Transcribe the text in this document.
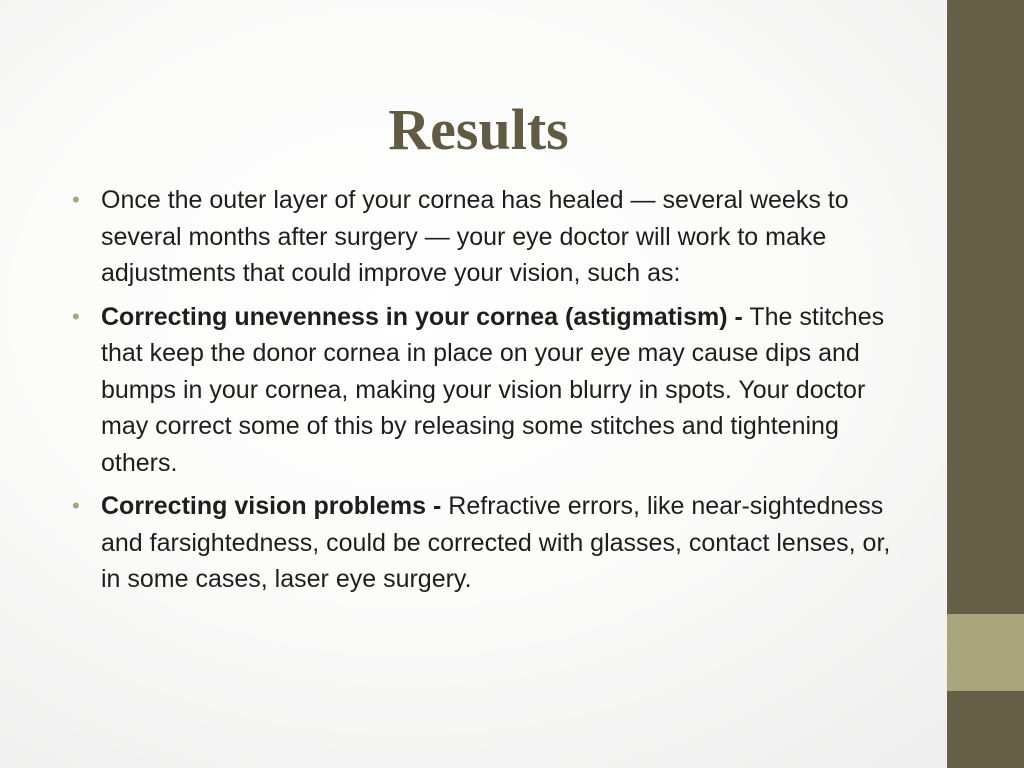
Results
• Once the outer layer of your cornea has healed — several weeks to several months after surgery — your eye doctor will work to make adjustments that could improve your vision, such as:
• Correcting unevenness in your cornea (astigmatism) - The stitches that keep the donor cornea in place on your eye may cause dips and bumps in your cornea, making your vision blurry in spots. Your doctor may correct some of this by releasing some stitches and tightening others.
• Correcting vision problems - Refractive errors, like near-sightedness and farsightedness, could be corrected with glasses, contact lenses, or, in some cases, laser eye surgery.
